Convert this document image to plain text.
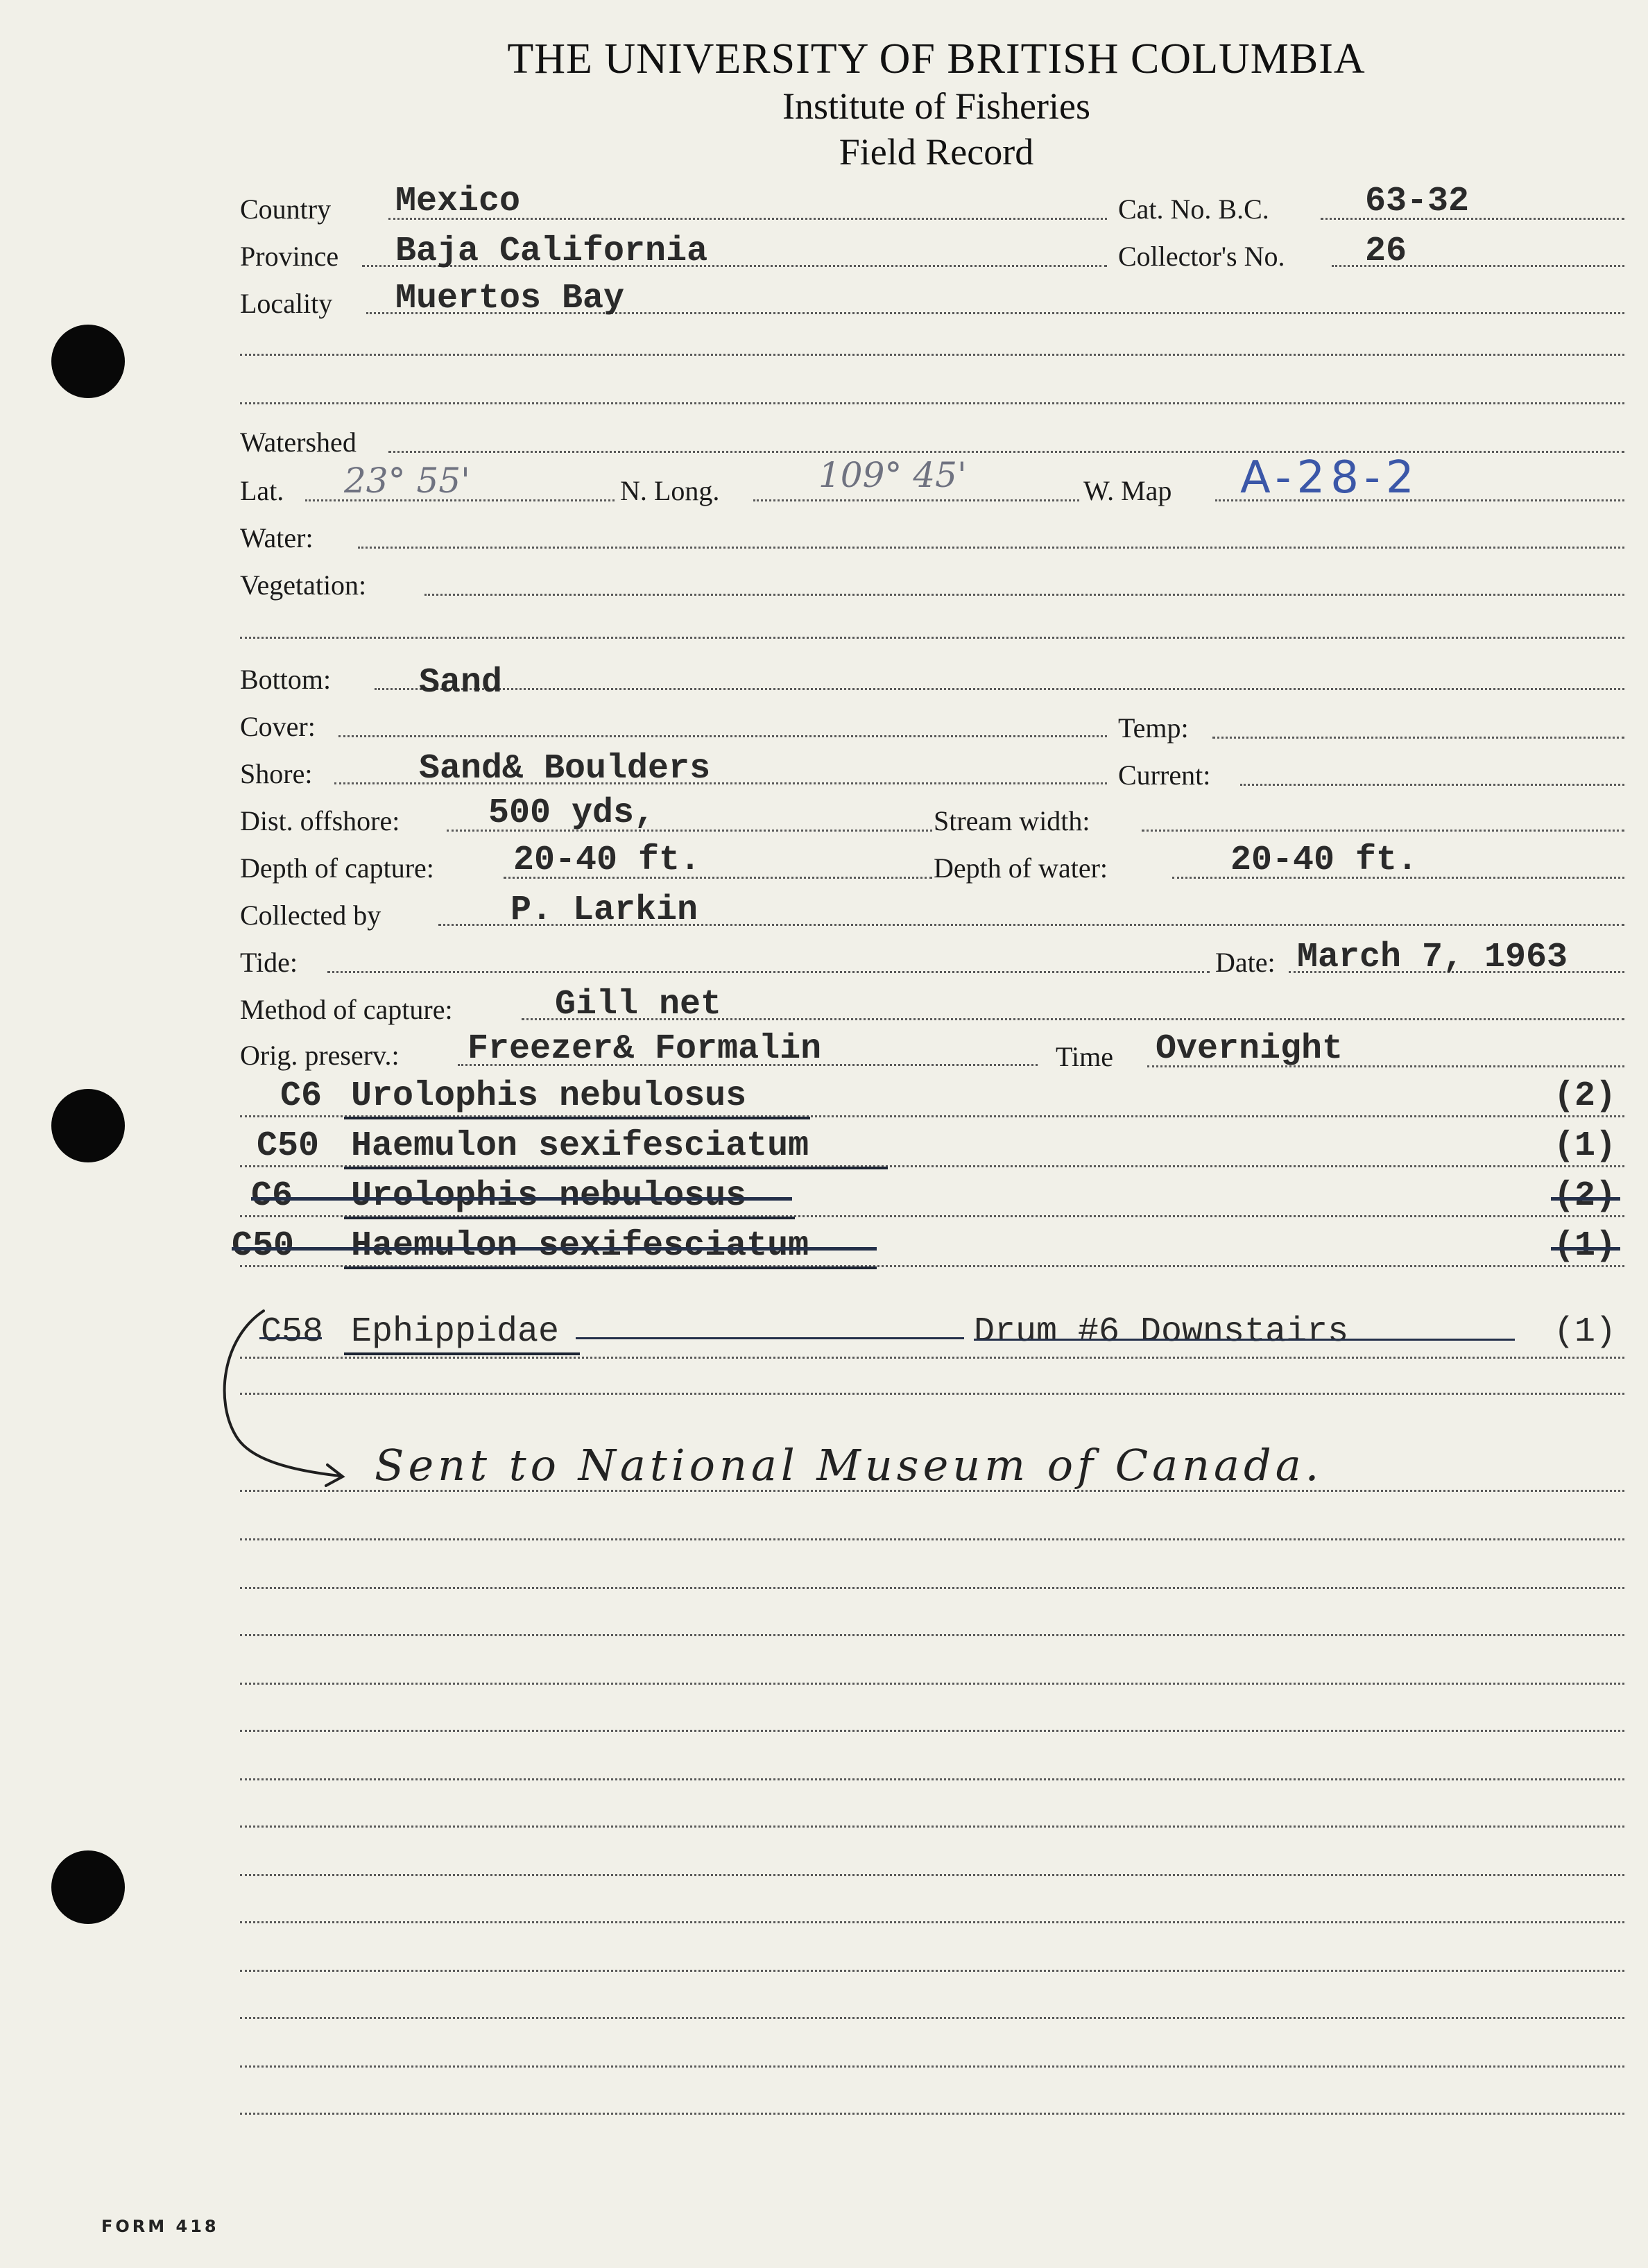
THE UNIVERSITY OF BRITISH COLUMBIA
Institute of Fisheries
Field Record
Country Mexico	Cat. No. B.C.	63-32
Province Baja California	Collector's No. 26
Locality Muertos Bay
Watershed
Lat. 23° 55'	N. Long.	109° 45'	W. Map A-28-2
Water:
Vegetation:
Bottom:	Sand
Cover:	Temp:
Shore:	Sand& Boulders	Current:
Dist. offshore:	500 yds,	Stream width:
Depth of capture: 20-40 ft.	Depth of water:	20-40 ft.
Collected by	P. Larkin
Tide:	Date: March 7, 1963
Method of capture:	Gill net
Orig. preserv.: Freezer& Formalin	Time Overnight
C6 Urolophis nebulosus	(2)
C50 Haemulon sexifesciatum	(1)
C6 Urolophis nebulosus	(2)
C50 Haemulon sexifesciatum	(1)
C58 Ephippidae	Drum #6 Downstairs	(1)
Sent to National Museum of Canada.
FORM 418
